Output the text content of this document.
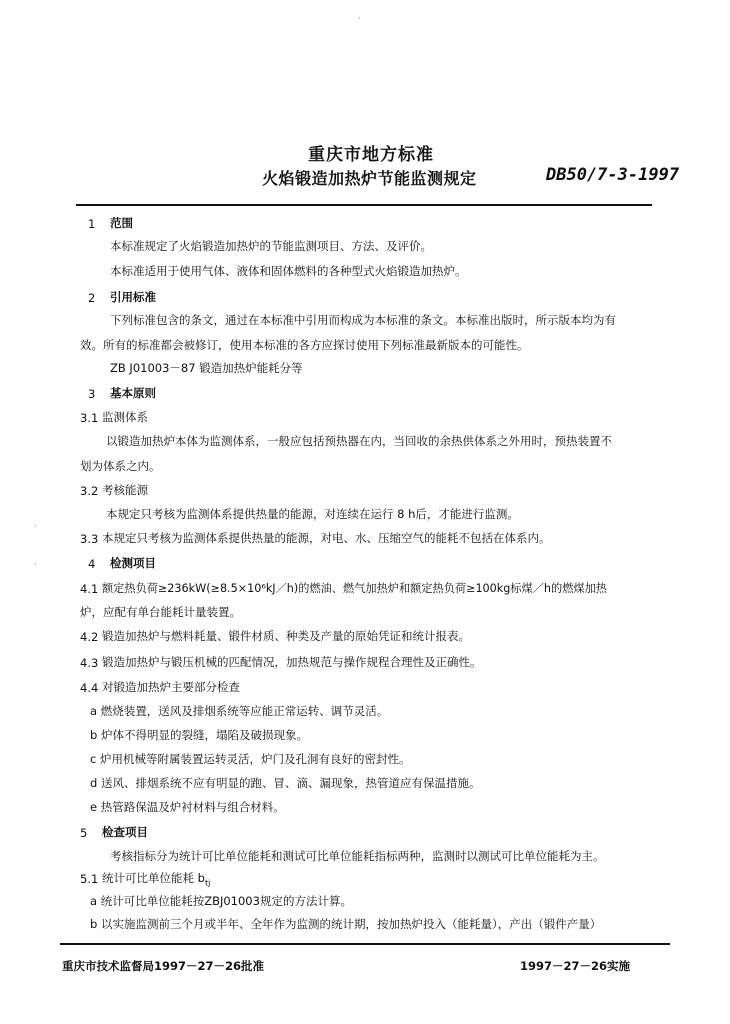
·
重庆市地方标准
火焰锻造加热炉节能监测规定	DB50/7-3-1997
1 范围
本标准规定了火焰锻造加热炉的节能监测项目、方法、及评价。
本标准适用于使用气体、液体和固体燃料的各种型式火焰锻造加热炉。
2 引用标准
下列标准包含的条文，通过在本标准中引用而构成为本标准的条文。本标准出版时，所示版本均为有
效。所有的标准都会被修订，使用本标准的各方应探讨使用下列标准最新版本的可能性。
ZB J01003－87 锻造加热炉能耗分等
3 基本原则
3.1 监测体系
以锻造加热炉本体为监测体系，一般应包括预热器在内，当回收的余热供体系之外用时，预热装置不
划为体系之内。
3.2 考核能源
本规定只考核为监测体系提供热量的能源，对连续在运行 8 h后，才能进行监测。
·
3.3 本规定只考核为监测体系提供热量的能源，对电、水、压缩空气的能耗不包括在体系内。
·	4 检测项目
4.1 额定热负荷≥236kW(≥8.5×10⁶kJ／h)的燃油、燃气加热炉和额定热负荷≥100kg标煤／h的燃煤加热
炉，应配有单台能耗计量装置。
4.2 锻造加热炉与燃料耗量、锻件材质、种类及产量的原始凭证和统计报表。
4.3 锻造加热炉与锻压机械的匹配情况，加热规范与操作规程合理性及正确性。
4.4 对锻造加热炉主要部分检查
a 燃烧装置，送风及排烟系统等应能正常运转、调节灵活。
b 炉体不得明显的裂缝，塌陷及破损现象。
c 炉用机械等附属装置运转灵活，炉门及孔洞有良好的密封性。
d 送风、排烟系统不应有明显的跑、冒、滴、漏现象，热管道应有保温措施。
e 热管路保温及炉衬材料与组合材料。
5 检查项目
考核指标分为统计可比单位能耗和测试可比单位能耗指标两种，监测时以测试可比单位能耗为主。
5.1 统计可比单位能耗 $b_{tj}$
a 统计可比单位能耗按ZBJ01003规定的方法计算。
b 以实施监测前三个月或半年、全年作为监测的统计期，按加热炉投入（能耗量），产出（锻件产量）
重庆市技术监督局1997－27－26批准	1997－27－26实施
